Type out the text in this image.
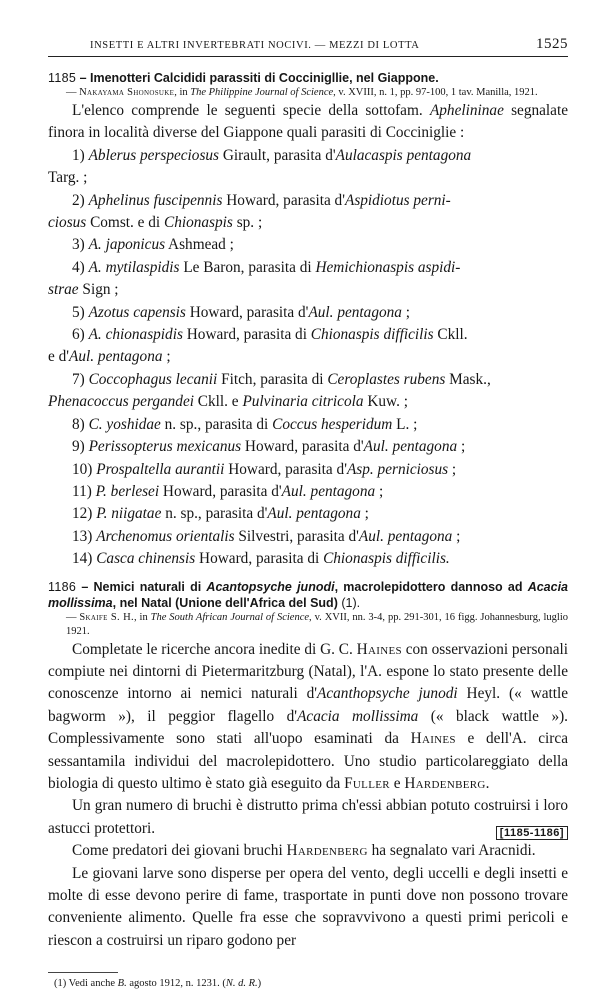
INSETTI E ALTRI INVERTEBRATI NOCIVI. — MEZZI DI LOTTA	1525

1185 – Imenotteri Calcididi parassiti di Coccinigllie, nel Giappone.

— Nakayama Shonosuke, in The Philippine Journal of Science, v. XVIII, n. 1, pp. 97-100, 1 tav. Manilla, 1921.

L'elenco comprende le seguenti specie della sottofam. Aphelininae segnalate finora in località diverse del Giappone quali parasiti di Cocciniglie :

1) Ablerus perspeciosus Girault, parasita d'Aulacaspis pentagona
Targ. ;
2) Aphelinus fuscipennis Howard, parasita d'Aspidiotus perni-
ciosus Comst. e di Chionaspis sp. ;
3) A. japonicus Ashmead ;
4) A. mytilaspidis Le Baron, parasita di Hemichionaspis aspidi-
strae Sign ;
5) Azotus capensis Howard, parasita d'Aul. pentagona ;
6) A. chionaspidis Howard, parasita di Chionaspis difficilis Ckll.
e d'Aul. pentagona ;
7) Coccophagus lecanii Fitch, parasita di Ceroplastes rubens Mask.,
Phenacoccus pergandei Ckll. e Pulvinaria citricola Kuw. ;
8) C. yoshidae n. sp., parasita di Coccus hesperidum L. ;
9) Perissopterus mexicanus Howard, parasita d'Aul. pentagona ;
10) Prospaltella aurantii Howard, parasita d'Asp. perniciosus ;
11) P. berlesei Howard, parasita d'Aul. pentagona ;
12) P. niigatae n. sp., parasita d'Aul. pentagona ;
13) Archenomus orientalis Silvestri, parasita d'Aul. pentagona ;
14) Casca chinensis Howard, parasita di Chionaspis difficilis.

1186 – Nemici naturali di Acantopsyche junodi, macrolepidottero dannoso ad Acacia mollissima, nel Natal (Unione dell'Africa del Sud) (1).

— Skaife S. H., in The South African Journal of Science, v. XVII, nn. 3-4, pp. 291-301, 16 figg. Johannesburg, luglio 1921.

Completate le ricerche ancora inedite di G. C. Haines con osservazioni personali compiute nei dintorni di Pietermaritzburg (Natal), l'A. espone lo stato presente delle conoscenze intorno ai nemici naturali d'Acanthopsyche junodi Heyl. (« wattle bagworm »), il peggior flagello d'Acacia mollissima (« black wattle »). Complessivamente sono stati all'uopo esaminati da Haines e dell'A. circa sessantamila individui del macrolepidottero. Uno studio particolareggiato della biologia di questo ultimo è stato già eseguito da Fuller e Hardenberg.

Un gran numero di bruchi è distrutto prima ch'essi abbian potuto costruirsi i loro astucci protettori.

Come predatori dei giovani bruchi Hardenberg ha segnalato vari Aracnidi.

Le giovani larve sono disperse per opera del vento, degli uccelli e degli insetti e molte di esse devono perire di fame, trasportate in punti dove non possono trovare conveniente alimento. Quelle fra esse che sopravvivono a questi primi pericoli e riescon a costruirsi un riparo godono per

(1) Vedi anche B. agosto 1912, n. 1231. (N. d. R.)

[1185-1186]
